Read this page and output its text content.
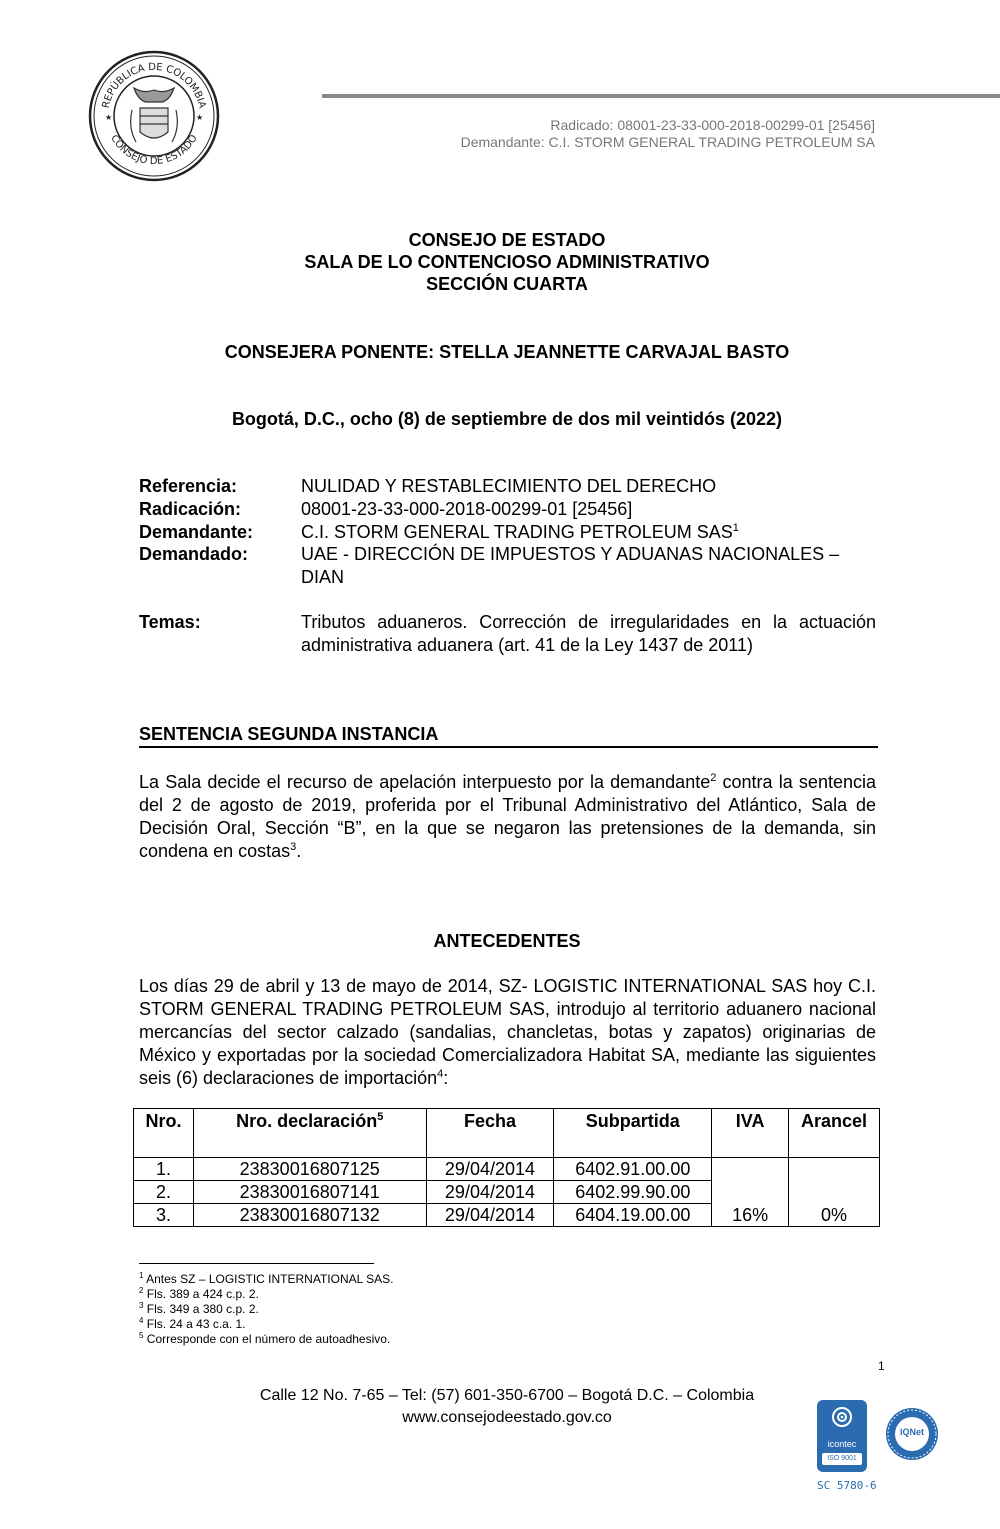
REPÚBLICA DE COLOMBIA
CONSEJO DE ESTADO
★	★	Radicado: 08001-23-33-000-2018-00299-01 [25456]
Demandante: C.I. STORM GENERAL TRADING PETROLEUM SA
CONSEJO DE ESTADO
SALA DE LO CONTENCIOSO ADMINISTRATIVO
SECCIÓN CUARTA
CONSEJERA PONENTE: STELLA JEANNETTE CARVAJAL BASTO
Bogotá, D.C., ocho (8) de septiembre de dos mil veintidós (2022)
Referencia:	NULIDAD Y RESTABLECIMIENTO DEL DERECHO
Radicación:	08001-23-33-000-2018-00299-01 [25456]
Demandante:	C.I. STORM GENERAL TRADING PETROLEUM SAS$^1$
Demandado:	UAE - DIRECCIÓN DE IMPUESTOS Y ADUANAS NACIONALES – DIAN
Temas:	Tributos aduaneros. Corrección de irregularidades en la actuación administrativa aduanera (art. 41 de la Ley 1437 de 2011)
SENTENCIA SEGUNDA INSTANCIA
La Sala decide el recurso de apelación interpuesto por la demandante$^2$ contra la sentencia del 2 de agosto de 2019, proferida por el Tribunal Administrativo del Atlántico, Sala de Decisión Oral, Sección “B”, en la que se negaron las pretensiones de la demanda, sin condena en costas$^3$.
ANTECEDENTES
Los días 29 de abril y 13 de mayo de 2014, SZ- LOGISTIC INTERNATIONAL SAS hoy C.I. STORM GENERAL TRADING PETROLEUM SAS, introdujo al territorio aduanero nacional mercancías del sector calzado (sandalias, chancletas, botas y zapatos) originarias de México y exportadas por la sociedad Comercializadora Habitat SA, mediante las siguientes seis (6) declaraciones de importación$^4$:
Nro.	Nro. declaración$^5$	Fecha	Subpartida	IVA	Arancel
1.	23830016807125	29/04/2014	6402.91.00.00	16%	0%
2.	23830016807141	29/04/2014	6402.99.90.00		
3.	23830016807132	29/04/2014	6404.19.00.00		
$^1$ Antes SZ – LOGISTIC INTERNATIONAL SAS.
$^2$ Fls. 389 a 424 c.p. 2.
$^3$ Fls. 349 a 380 c.p. 2.
$^4$ Fls. 24 a 43 c.a. 1.
$^5$ Corresponde con el número de autoadhesivo.
1
Calle 12 No. 7-65 – Tel: (57) 601-350-6700 – Bogotá D.C. – Colombia
www.consejodeestado.gov.co
icontec
ISO 9001
IQNet
SC 5780-6
